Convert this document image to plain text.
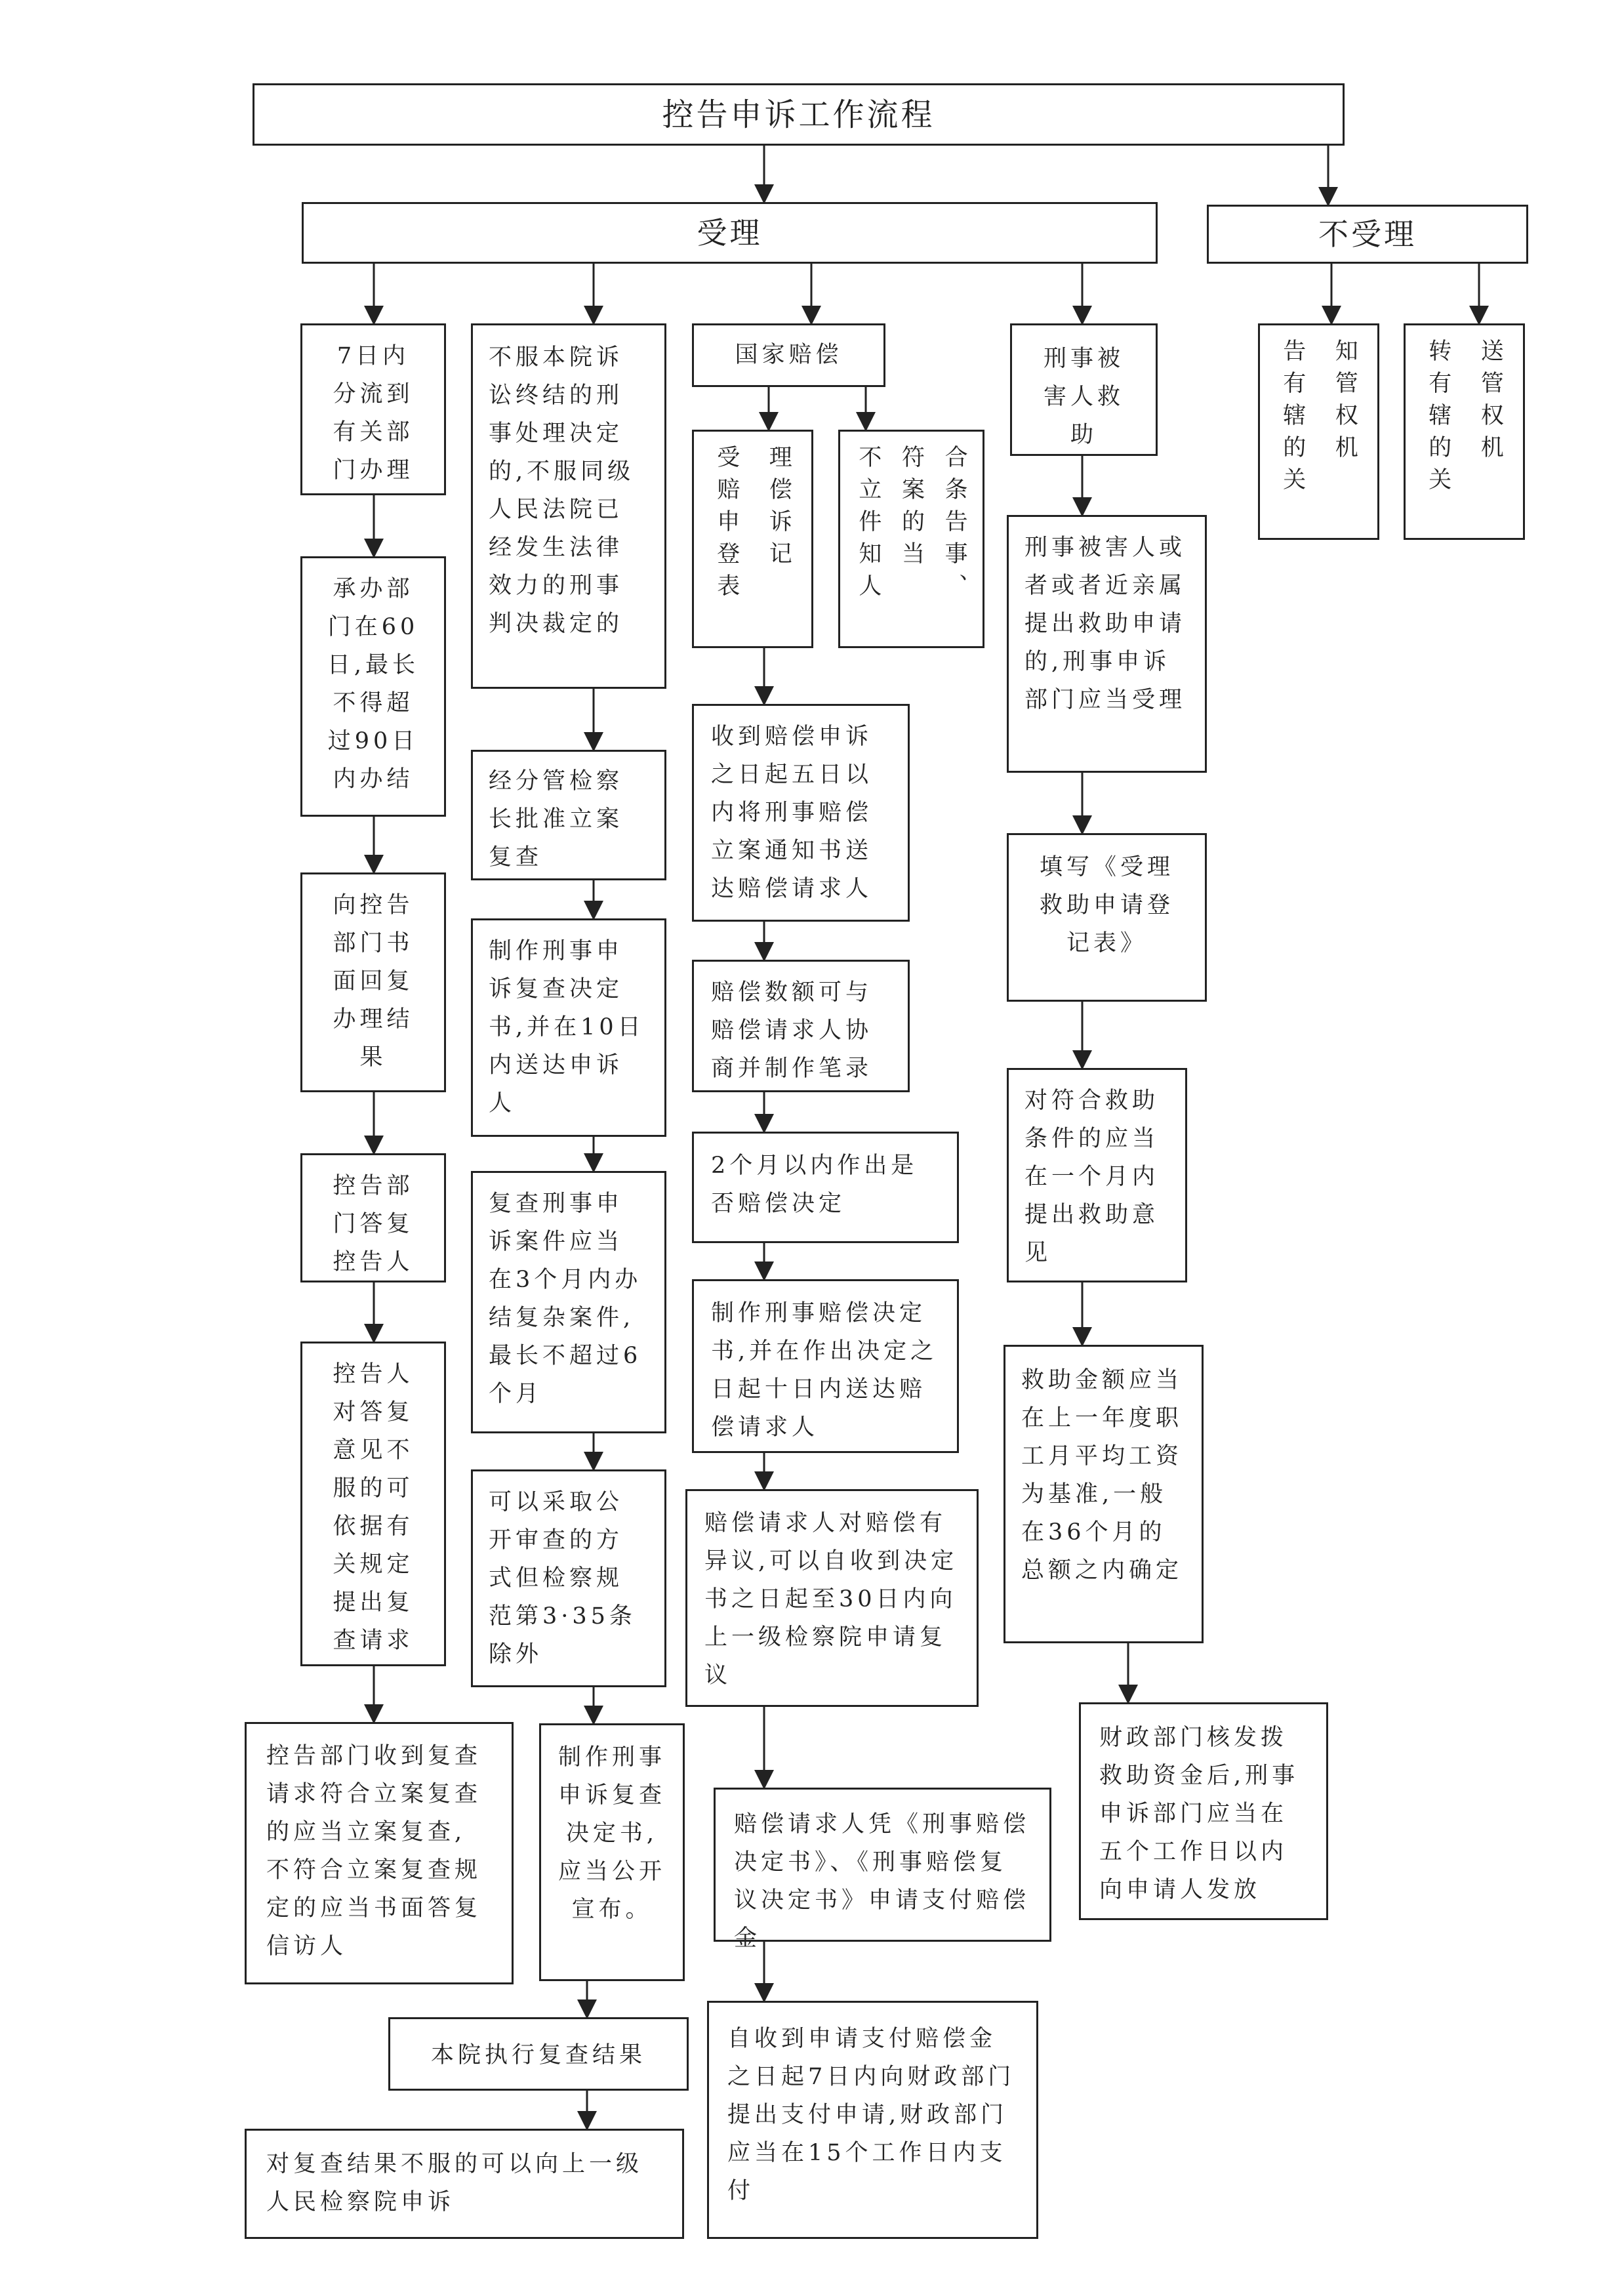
控告申诉工作流程
受理	不受理
告有辖的关 知管权机	转有辖的关 送管权机
7日内分流到有关部门办理
承办部门在60日,最长不得超过90日内办结
向控告部门书面回复办理结果
控告部门答复控告人
控告人对答复意见不服的可依据有关规定提出复查请求
控告部门收到复查请求符合立案复查的应当立案复查,不符合立案复查规定的应当书面答复信访人
不服本院诉讼终结的刑事处理决定的,不服同级人民法院已经发生法律效力的刑事判决裁定的
经分管检察长批准立案复查
制作刑事申诉复查决定书,并在10日内送达申诉人
复查刑事申诉案件应当在3个月内办结复杂案件,最长不超过6个月
可以采取公开审查的方式但检察规范第3·35条除外
制作刑事申诉复查决定书,应当公开宣布。
本院执行复查结果
对复查结果不服的可以向上一级人民检察院申诉
国家赔偿
受赔申登表 理偿诉记	不立件知人 符案的当 合条告事、
收到赔偿申诉之日起五日以内将刑事赔偿立案通知书送达赔偿请求人
赔偿数额可与赔偿请求人协商并制作笔录
2个月以内作出是否赔偿决定
制作刑事赔偿决定书,并在作出决定之日起十日内送达赔偿请求人
赔偿请求人对赔偿有异议,可以自收到决定书之日起至30日内向上一级检察院申请复议
赔偿请求人凭《刑事赔偿决定书》、《刑事赔偿复议决定书》申请支付赔偿金
自收到申请支付赔偿金之日起7日内向财政部门提出支付申请,财政部门应当在15个工作日内支付
刑事被害人救助
刑事被害人或者或者近亲属提出救助申请的,刑事申诉部门应当受理
填写《受理救助申请登记表》
对符合救助条件的应当在一个月内提出救助意见
救助金额应当在上一年度职工月平均工资为基准,一般在36个月的总额之内确定
财政部门核发拨救助资金后,刑事申诉部门应当在五个工作日以内向申请人发放
